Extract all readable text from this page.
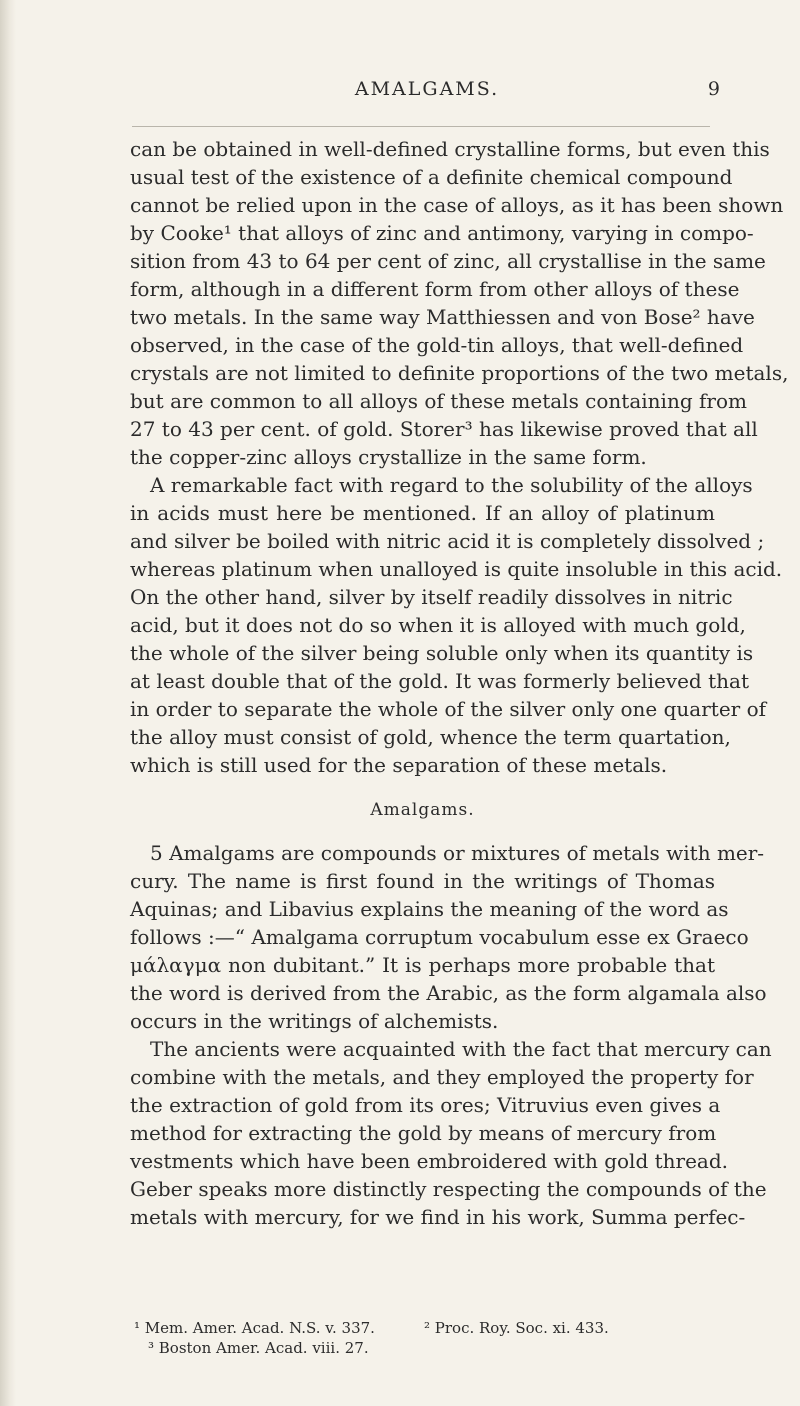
AMALGAMS.	9
can be obtained in well-defined crystalline forms, but even this
usual test of the existence of a definite chemical compound
cannot be relied upon in the case of alloys, as it has been shown
by Cooke¹ that alloys of zinc and antimony, varying in compo-
sition from 43 to 64 per cent of zinc, all crystallise in the same
form, although in a different form from other alloys of these
two metals. In the same way Matthiessen and von Bose² have
observed, in the case of the gold-tin alloys, that well-defined
crystals are not limited to definite proportions of the two metals,
but are common to all alloys of these metals containing from
27 to 43 per cent. of gold. Storer³ has likewise proved that all
the copper-zinc alloys crystallize in the same form.
A remarkable fact with regard to the solubility of the alloys
in acids must here be mentioned. If an alloy of platinum
and silver be boiled with nitric acid it is completely dissolved ;
whereas platinum when unalloyed is quite insoluble in this acid.
On the other hand, silver by itself readily dissolves in nitric
acid, but it does not do so when it is alloyed with much gold,
the whole of the silver being soluble only when its quantity is
at least double that of the gold. It was formerly believed that
in order to separate the whole of the silver only one quarter of
the alloy must consist of gold, whence the term quartation,
which is still used for the separation of these metals.
Amalgams.
5 Amalgams are compounds or mixtures of metals with mer-
cury. The name is first found in the writings of Thomas
Aquinas; and Libavius explains the meaning of the word as
follows :—“ Amalgama corruptum vocabulum esse ex Graeco
μάλαγμα non dubitant.” It is perhaps more probable that
the word is derived from the Arabic, as the form algamala also
occurs in the writings of alchemists.
The ancients were acquainted with the fact that mercury can
combine with the metals, and they employed the property for
the extraction of gold from its ores; Vitruvius even gives a
method for extracting the gold by means of mercury from
vestments which have been embroidered with gold thread.
Geber speaks more distinctly respecting the compounds of the
metals with mercury, for we find in his work, Summa perfec-
¹ Mem. Amer. Acad. N.S. v. 337.	² Proc. Roy. Soc. xi. 433.
³ Boston Amer. Acad. viii. 27.
